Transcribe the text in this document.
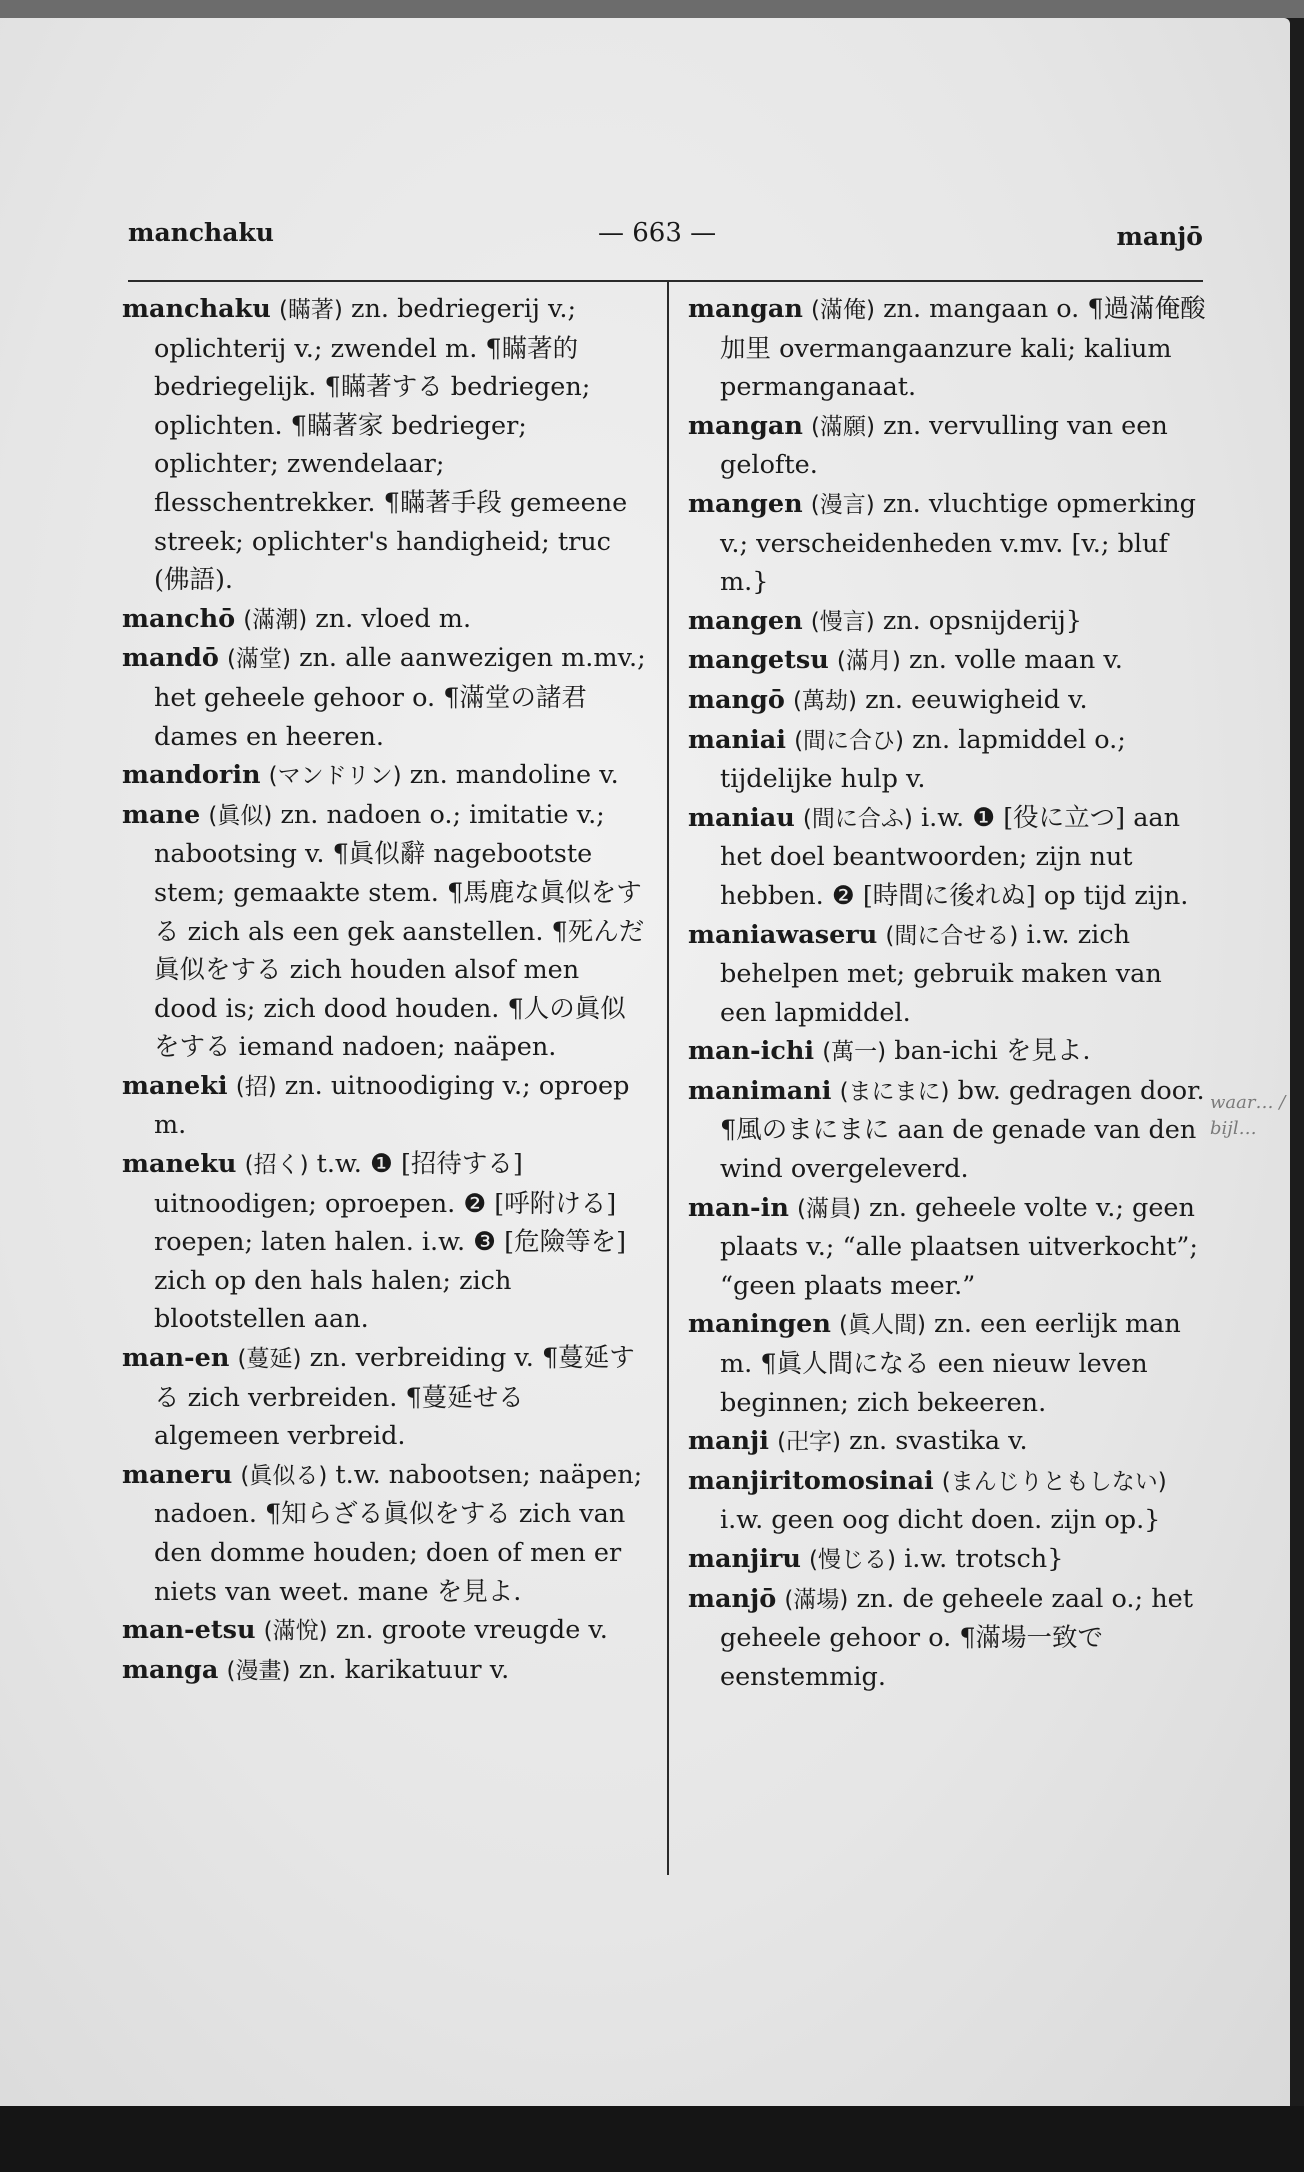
manchaku	— 663 —	manjō

manchaku (瞞著) zn. bedriegerij v.; oplichterij v.; zwendel m. ¶瞞著的 bedriegelijk. ¶瞞著する bedriegen; oplichten. ¶瞞著家 bedrieger; oplichter; zwendelaar; flesschentrekker. ¶瞞著手段 gemeene streek; oplichter's handigheid; truc (佛語).

manchō (滿潮) zn. vloed m.

mandō (滿堂) zn. alle aanwezigen m.mv.; het geheele gehoor o. ¶滿堂の諸君 dames en heeren.

mandorin (マンドリン) zn. mandoline v.

mane (眞似) zn. nadoen o.; imitatie v.; nabootsing v. ¶眞似辭 nagebootste stem; gemaakte stem. ¶馬鹿な眞似をする zich als een gek aanstellen. ¶死んだ眞似をする zich houden alsof men dood is; zich dood houden. ¶人の眞似をする iemand nadoen; naäpen.

maneki (招) zn. uitnoodiging v.; oproep m.

maneku (招く) t.w. ❶ [招待する] uitnoodigen; oproepen. ❷ [呼附ける] roepen; laten halen. i.w. ❸ [危險等を] zich op den hals halen; zich blootstellen aan.

man-en (蔓延) zn. verbreiding v. ¶蔓延する zich verbreiden. ¶蔓延せる algemeen verbreid.

maneru (眞似る) t.w. nabootsen; naäpen; nadoen. ¶知らざる眞似をする zich van den domme houden; doen of men er niets van weet. mane を見よ.

man-etsu (滿悅) zn. groote vreugde v.

manga (漫畫) zn. karikatuur v.

mangan (滿俺) zn. mangaan o. ¶過滿俺酸加里 overmangaanzure kali; kalium permanganaat.

mangan (滿願) zn. vervulling van een gelofte.

mangen (漫言) zn. vluchtige opmerking v.; verscheidenheden v.mv. [v.; bluf m.}

mangen (慢言) zn. opsnijderij}

mangetsu (滿月) zn. volle maan v.

mangō (萬劫) zn. eeuwigheid v.

maniai (間に合ひ) zn. lapmiddel o.; tijdelijke hulp v.

maniau (間に合ふ) i.w. ❶ [役に立つ] aan het doel beantwoorden; zijn nut hebben. ❷ [時間に後れぬ] op tijd zijn.

maniawaseru (間に合せる) i.w. zich behelpen met; gebruik maken van een lapmiddel.

man-ichi (萬一) ban-ichi を見よ.

manimani (まにまに) bw. gedragen door. ¶風のまにまに aan de genade van den wind overgeleverd.

man-in (滿員) zn. geheele volte v.; geen plaats v.; “alle plaatsen uitverkocht”; “geen plaats meer.”

maningen (眞人間) zn. een eerlijk man m. ¶眞人間になる een nieuw leven beginnen; zich bekeeren.

manji (卍字) zn. svastika v.

manjiritomosinai (まんじりともしない) i.w. geen oog dicht doen. zijn op.}

manjiru (慢じる) i.w. trotsch}

manjō (滿場) zn. de geheele zaal o.; het geheele gehoor o. ¶滿場一致で eenstemmig.

waar… / bijl…
